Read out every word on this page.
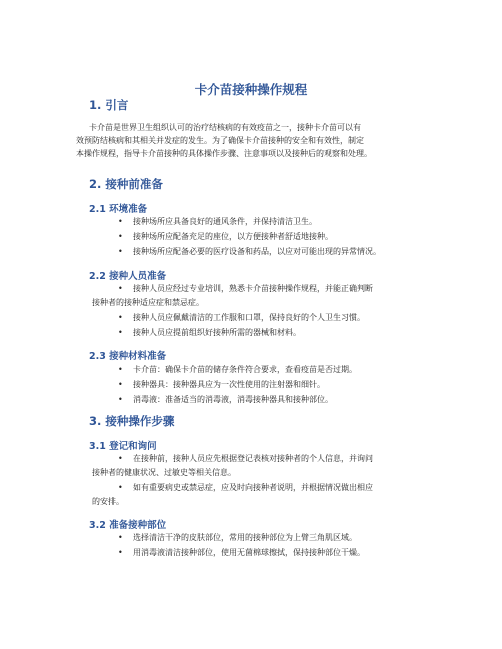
卡介苗接种操作规程
1. 引言

卡介苗是世界卫生组织认可的治疗结核病的有效疫苗之一，接种卡介苗可以有

效预防结核病和其相关并发症的发生。为了确保卡介苗接种的安全和有效性，制定

本操作规程，指导卡介苗接种的具体操作步骤、注意事项以及接种后的观察和处理。

2. 接种前准备
2.1 环境准备
• 接种场所应具备良好的通风条件，并保持清洁卫生。
• 接种场所应配备充足的座位，以方便接种者舒适地接种。
• 接种场所应配备必要的医疗设备和药品，以应对可能出现的异常情况。
2.2 接种人员准备
• 接种人员应经过专业培训，熟悉卡介苗接种操作规程，并能正确判断
接种者的接种适应症和禁忌症。
• 接种人员应佩戴清洁的工作服和口罩，保持良好的个人卫生习惯。
• 接种人员应提前组织好接种所需的器械和材料。
2.3 接种材料准备
• 卡介苗：确保卡介苗的储存条件符合要求，查看疫苗是否过期。
• 接种器具：接种器具应为一次性使用的注射器和细针。
• 消毒液：准备适当的消毒液，消毒接种器具和接种部位。
3. 接种操作步骤
3.1 登记和询问
• 在接种前，接种人员应先根据登记表核对接种者的个人信息，并询问
接种者的健康状况、过敏史等相关信息。
• 如有重要病史或禁忌症，应及时向接种者说明，并根据情况做出相应
的安排。
3.2 准备接种部位
• 选择清洁干净的皮肤部位，常用的接种部位为上臂三角肌区域。
• 用消毒液清洁接种部位，使用无菌棉球擦拭，保持接种部位干燥。
